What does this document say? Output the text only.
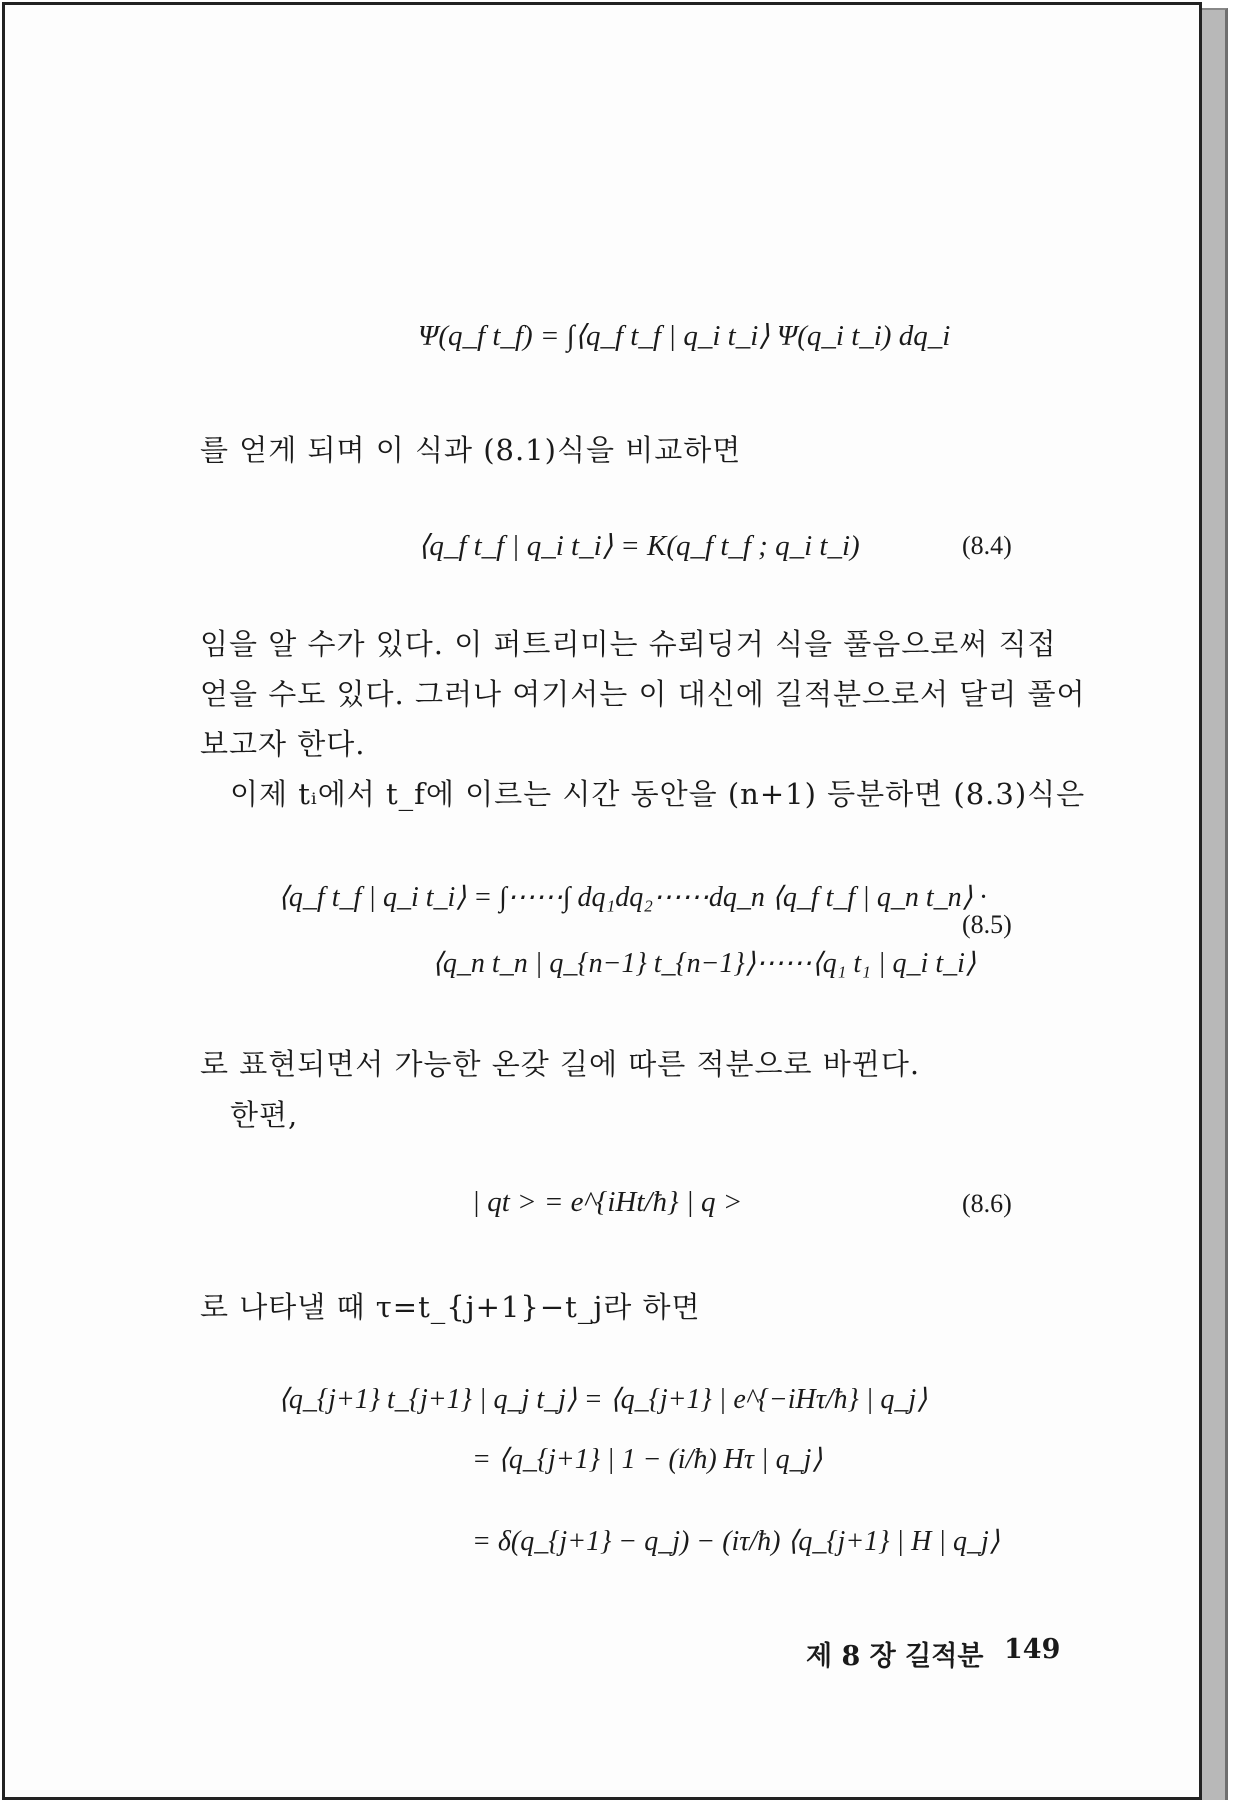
Ψ(q_f t_f) = ∫⟨q_f t_f | q_i t_i⟩ Ψ(q_i t_i) dq_i
를 얻게 되며 이 식과 (8.1)식을 비교하면
⟨q_f t_f | q_i t_i⟩ = K(q_f t_f ; q_i t_i)	(8.4)
임을 알 수가 있다. 이 퍼트리미는 슈뢰딩거 식을 풀음으로써 직접
얻을 수도 있다. 그러나 여기서는 이 대신에 길적분으로서 달리 풀어
보고자 한다.
이제 tᵢ에서 t_f에 이르는 시간 동안을 (n+1) 등분하면 (8.3)식은
⟨q_f t_f | q_i t_i⟩ = ∫⋯⋯∫ dq₁dq₂⋯⋯dq_n ⟨q_f t_f | q_n t_n⟩ ·
⟨q_n t_n | q_{n−1} t_{n−1}⟩⋯⋯⟨q₁ t₁ | q_i t_i⟩
(8.5)
로 표현되면서 가능한 온갖 길에 따른 적분으로 바뀐다.
한편,
| qt > = e^{iHt/ħ} | q >	(8.6)
로 나타낼 때 τ=t_{j+1}−t_j라 하면
⟨q_{j+1} t_{j+1} | q_j t_j⟩ = ⟨q_{j+1} | e^{−iHτ/ħ} | q_j⟩
= ⟨q_{j+1} | 1 − (i/ħ) Hτ | q_j⟩
= δ(q_{j+1} − q_j) − (iτ/ħ) ⟨q_{j+1} | H | q_j⟩
제 8 장 길적분 149
